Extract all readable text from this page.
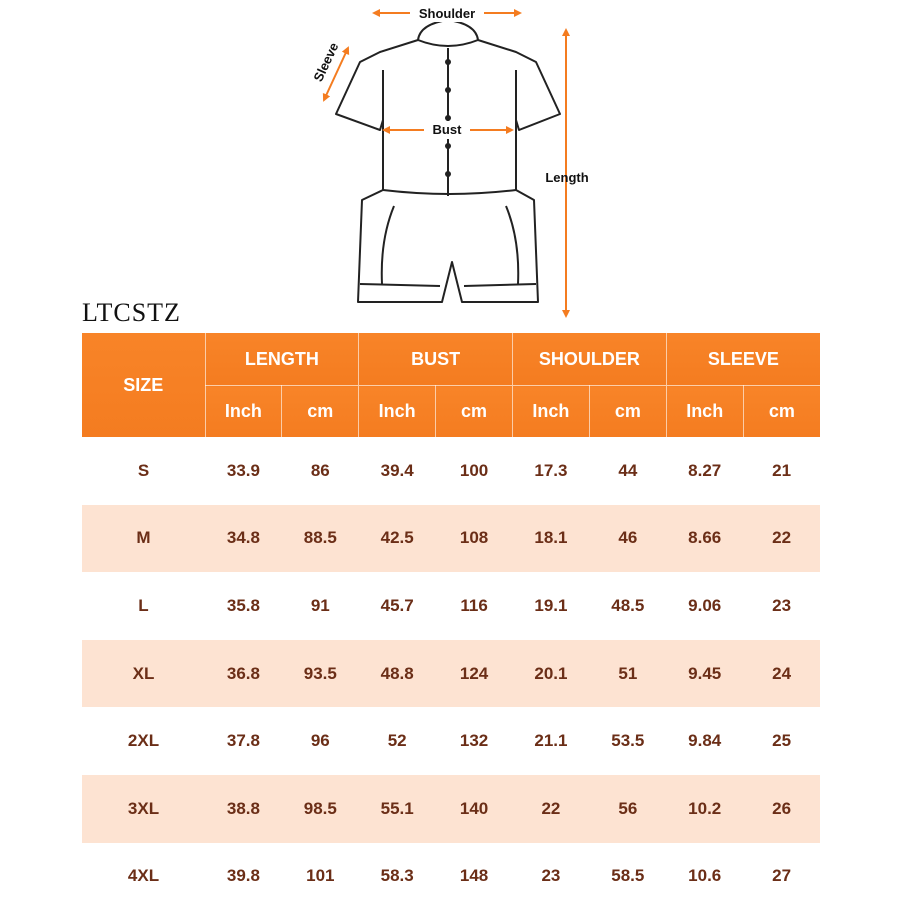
Shoulder
Sleeve
Bust
Length
LTCSTZ
SIZE	LENGTH		BUST		SHOULDER		SLEEVE	
	Inch	cm	Inch	cm	Inch	cm	Inch	cm
S	33.9	86	39.4	100	17.3	44	8.27	21
M	34.8	88.5	42.5	108	18.1	46	8.66	22
L	35.8	91	45.7	116	19.1	48.5	9.06	23
XL	36.8	93.5	48.8	124	20.1	51	9.45	24
2XL	37.8	96	52	132	21.1	53.5	9.84	25
3XL	38.8	98.5	55.1	140	22	56	10.2	26
4XL	39.8	101	58.3	148	23	58.5	10.6	27
